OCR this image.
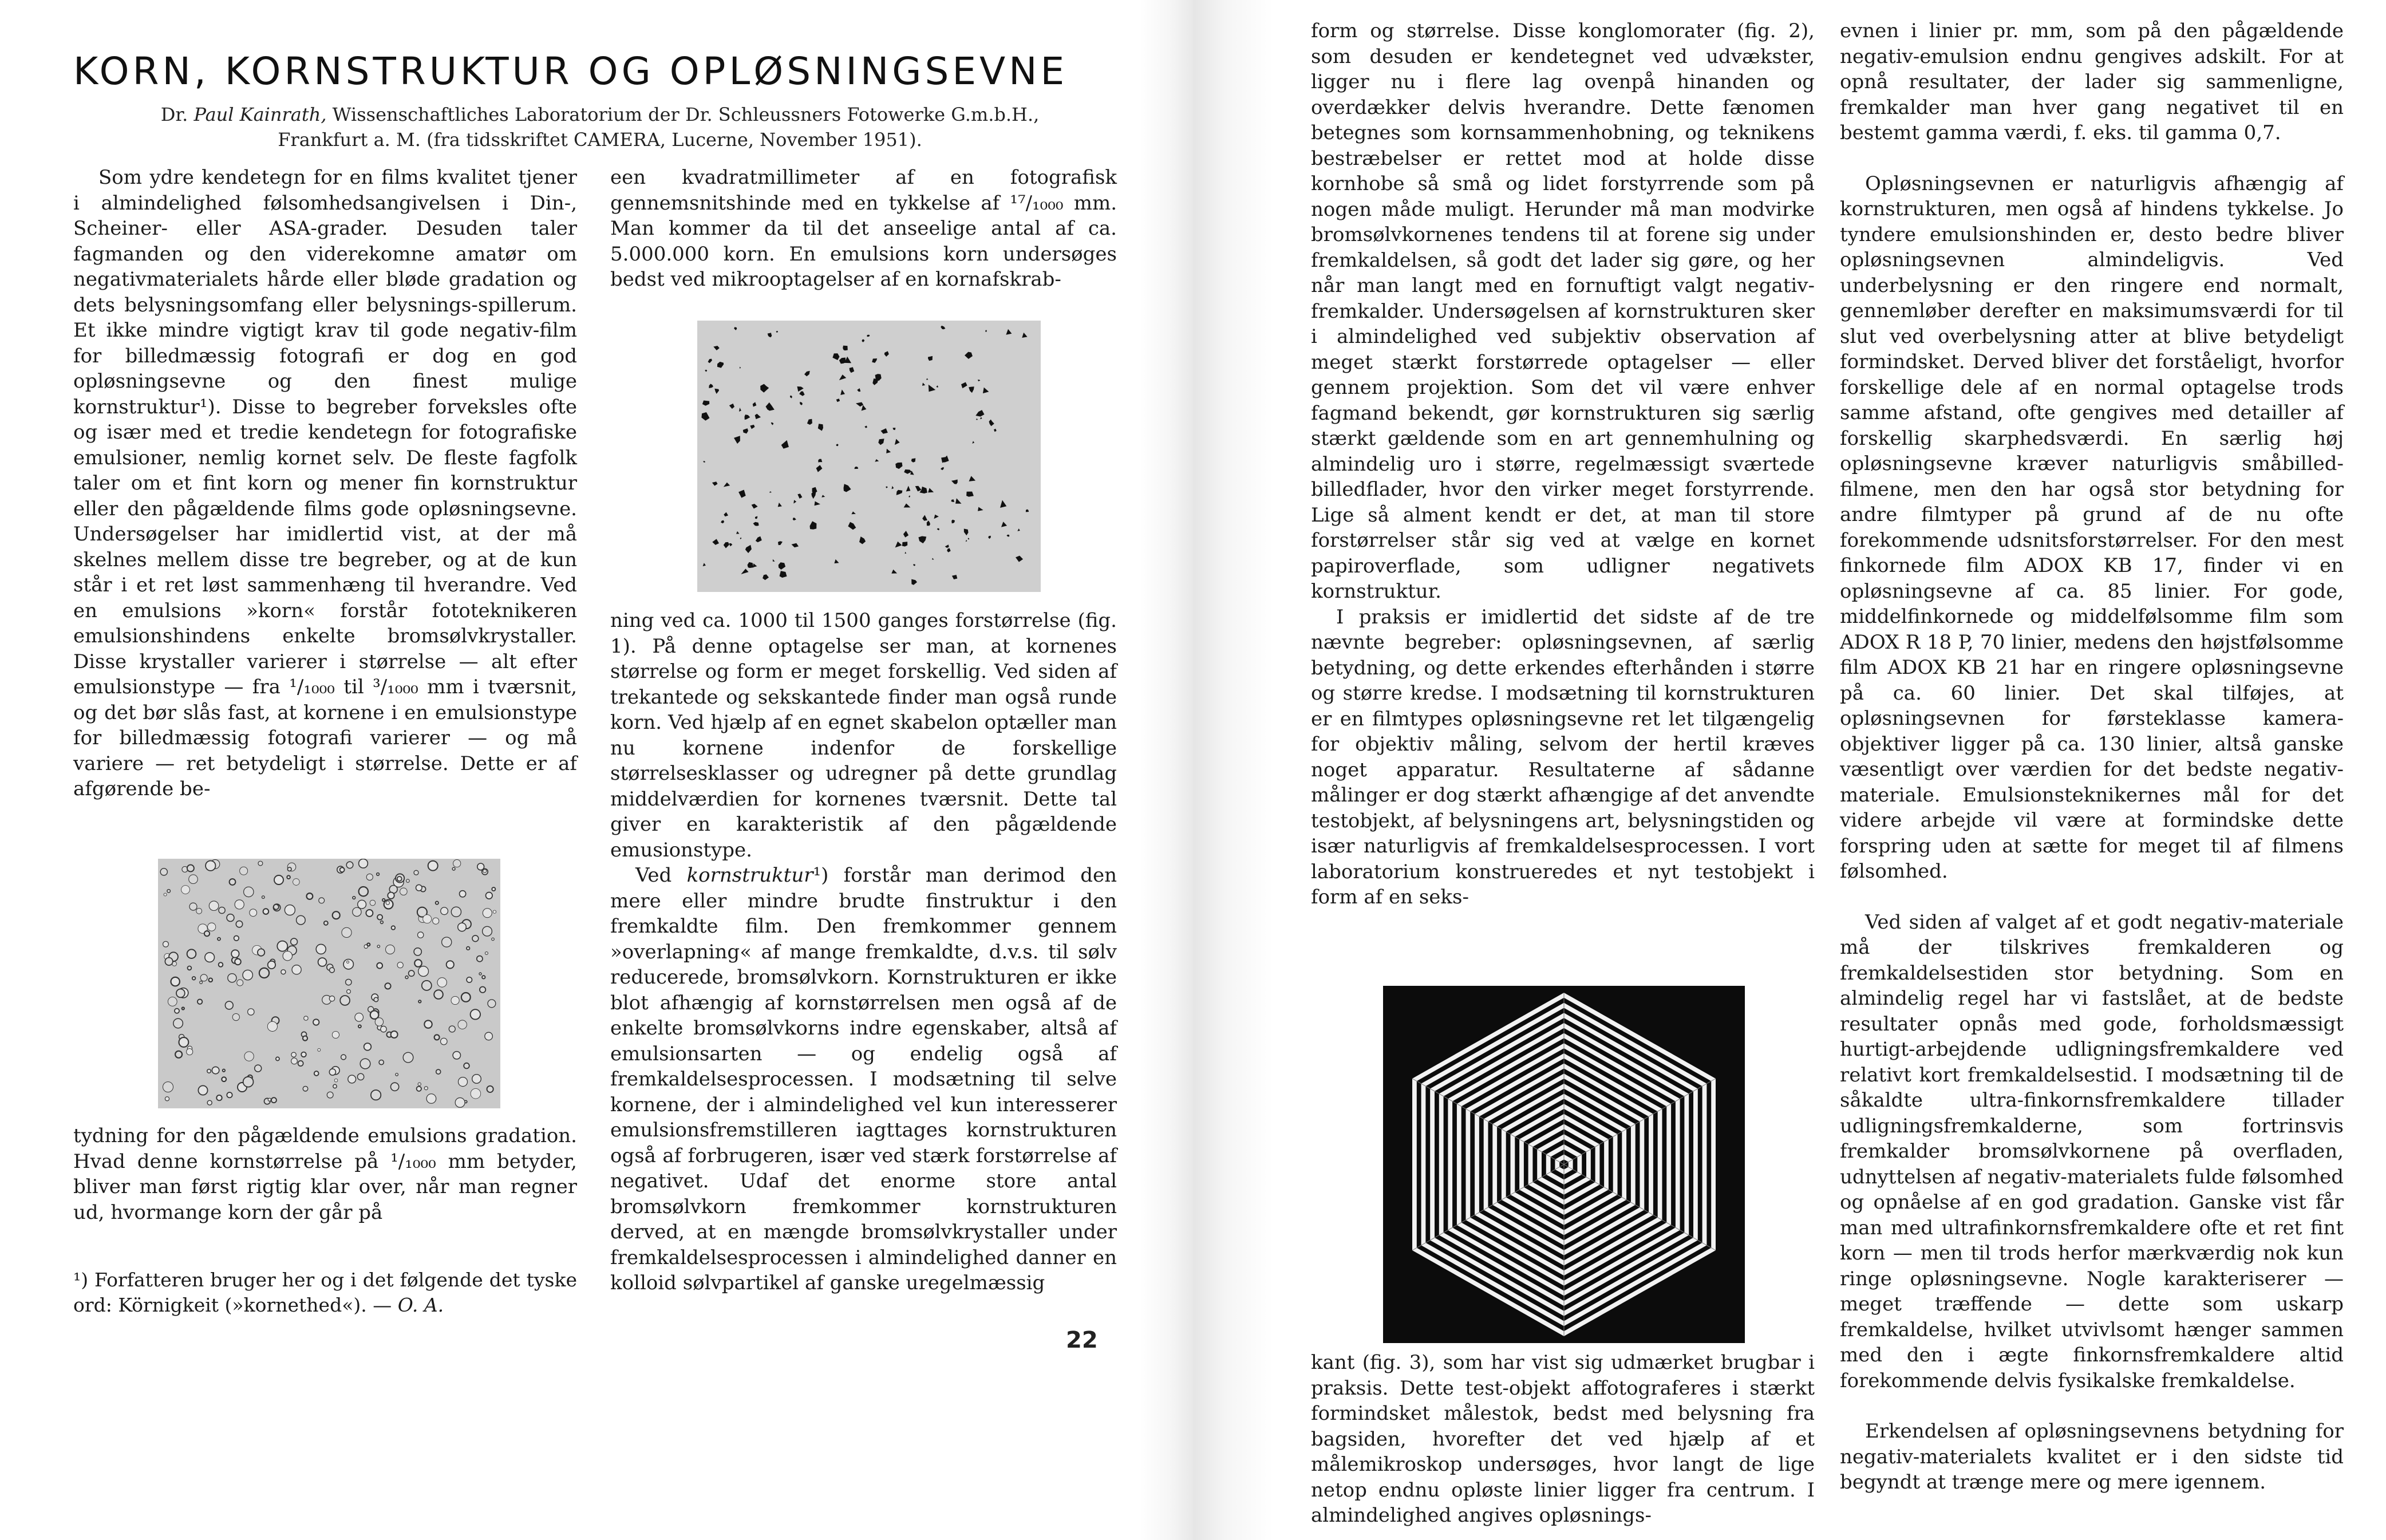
KORN, KORNSTRUKTUR OG OPLØSNINGSEVNE
Dr. Paul Kainrath, Wissenschaftliches Laboratorium der Dr. Schleussners Fotowerke G.m.b.H.,
Frankfurt a. M. (fra tidsskriftet CAMERA, Lucerne, November 1951).

Som ydre kendetegn for en films kvalitet tjener i almindelighed følsomhedsangivelsen i Din-, Scheiner- eller ASA-grader. Desuden taler fagmanden og den viderekomne amatør om negativmaterialets hårde eller bløde gradation og dets belysningsomfang eller belysnings-spillerum. Et ikke mindre vigtigt krav til gode negativ-film for billedmæssig fotografi er dog en god opløsningsevne og den finest mulige kornstruktur¹). Disse to begreber forveksles ofte og især med et tredie kendetegn for fotografiske emulsioner, nemlig kornet selv. De fleste fagfolk taler om et fint korn og mener fin kornstruktur eller den pågældende films gode opløsningsevne. Undersøgelser har imidlertid vist, at der må skelnes mellem disse tre begreber, og at de kun står i et ret løst sammenhæng til hverandre. Ved en emulsions »korn« forstår fototeknikeren emulsionshindens enkelte bromsølvkrystaller. Disse krystaller varierer i størrelse — alt efter emulsionstype — fra ¹/₁₀₀₀ til ³/₁₀₀₀ mm i tværsnit, og det bør slås fast, at kornene i en emulsionstype for billedmæssig fotografi varierer — og må variere — ret betydeligt i størrelse. Dette er af afgørende be-

tydning for den pågældende emulsions gradation. Hvad denne kornstørrelse på ¹/₁₀₀₀ mm betyder, bliver man først rigtig klar over, når man regner ud, hvormange korn der går på

¹) Forfatteren bruger her og i det følgende det tyske ord: Körnigkeit (»kornethed«). — O. A.

een kvadratmillimeter af en fotografisk gennemsnitshinde med en tykkelse af ¹⁷/₁₀₀₀ mm. Man kommer da til det anseelige antal af ca. 5.000.000 korn. En emulsions korn undersøges bedst ved mikrooptagelser af en kornafskrab-

ning ved ca. 1000 til 1500 ganges forstørrelse (fig. 1). På denne optagelse ser man, at kornenes størrelse og form er meget forskellig. Ved siden af trekantede og sekskantede finder man også runde korn. Ved hjælp af en egnet skabelon optæller man nu kornene indenfor de forskellige størrelsesklasser og udregner på dette grundlag middelværdien for kornenes tværsnit. Dette tal giver en karakteristik af den pågældende emusionstype.

Ved kornstruktur¹) forstår man derimod den mere eller mindre brudte finstruktur i den fremkaldte film. Den fremkommer gennem »overlapning« af mange fremkaldte, d.v.s. til sølv reducerede, bromsølvkorn. Kornstrukturen er ikke blot afhængig af kornstørrelsen men også af de enkelte bromsølvkorns indre egenskaber, altså af emulsionsarten — og endelig også af fremkaldelsesprocessen. I modsætning til selve kornene, der i almindelighed vel kun interesserer emulsionsfremstilleren iagttages kornstrukturen også af forbrugeren, især ved stærk forstørrelse af negativet. Udaf det enorme store antal bromsølvkorn fremkommer kornstrukturen derved, at en mængde bromsølvkrystaller under fremkaldelsesprocessen i almindelighed danner en kolloid sølvpartikel af ganske uregelmæssig

22

form og størrelse. Disse konglomorater (fig. 2), som desuden er kendetegnet ved udvækster, ligger nu i flere lag ovenpå hinanden og overdækker delvis hverandre. Dette fænomen betegnes som kornsammenhobning, og teknikens bestræbelser er rettet mod at holde disse kornhobe så små og lidet forstyrrende som på nogen måde muligt. Herunder må man modvirke bromsølvkornenes tendens til at forene sig under fremkaldelsen, så godt det lader sig gøre, og her når man langt med en fornuftigt valgt negativ-fremkalder. Undersøgelsen af kornstrukturen sker i almindelighed ved subjektiv observation af meget stærkt forstørrede optagelser — eller gennem projektion. Som det vil være enhver fagmand bekendt, gør kornstrukturen sig særlig stærkt gældende som en art gennemhulning og almindelig uro i større, regelmæssigt sværtede billedflader, hvor den virker meget forstyrrende. Lige så alment kendt er det, at man til store forstørrelser står sig ved at vælge en kornet papiroverflade, som udligner negativets kornstruktur.

I praksis er imidlertid det sidste af de tre nævnte begreber: opløsningsevnen, af særlig betydning, og dette erkendes efterhånden i større og større kredse. I modsætning til kornstrukturen er en filmtypes opløsningsevne ret let tilgængelig for objektiv måling, selvom der hertil kræves noget apparatur. Resultaterne af sådanne målinger er dog stærkt afhængige af det anvendte testobjekt, af belysningens art, belysningstiden og især naturligvis af fremkaldelsesprocessen. I vort laboratorium konstrueredes et nyt testobjekt i form af en seks-

kant (fig. 3), som har vist sig udmærket brugbar i praksis. Dette test-objekt affotograferes i stærkt formindsket målestok, bedst med belysning fra bagsiden, hvorefter det ved hjælp af et målemikroskop undersøges, hvor langt de lige netop endnu opløste linier ligger fra centrum. I almindelighed angives opløsnings-

evnen i linier pr. mm, som på den pågældende negativ-emulsion endnu gengives adskilt. For at opnå resultater, der lader sig sammenligne, fremkalder man hver gang negativet til en bestemt gamma værdi, f. eks. til gamma 0,7.

Opløsningsevnen er naturligvis afhængig af kornstrukturen, men også af hindens tykkelse. Jo tyndere emulsionshinden er, desto bedre bliver opløsningsevnen almindeligvis. Ved underbelysning er den ringere end normalt, gennemløber derefter en maksimumsværdi for til slut ved overbelysning atter at blive betydeligt formindsket. Derved bliver det forståeligt, hvorfor forskellige dele af en normal optagelse trods samme afstand, ofte gengives med detailler af forskellig skarphedsværdi. En særlig høj opløsningsevne kræver naturligvis småbilled-filmene, men den har også stor betydning for andre filmtyper på grund af de nu ofte forekommende udsnitsforstørrelser. For den mest finkornede film ADOX KB 17, finder vi en opløsningsevne af ca. 85 linier. For gode, middelfinkornede og middelfølsomme film som ADOX R 18 P, 70 linier, medens den højstfølsomme film ADOX KB 21 har en ringere opløsningsevne på ca. 60 linier. Det skal tilføjes, at opløsningsevnen for førsteklasse kamera-objektiver ligger på ca. 130 linier, altså ganske væsentligt over værdien for det bedste negativ-materiale. Emulsionsteknikernes mål for det videre arbejde vil være at formindske dette forspring uden at sætte for meget til af filmens følsomhed.

Ved siden af valget af et godt negativ-materiale må der tilskrives fremkalderen og fremkaldelsestiden stor betydning. Som en almindelig regel har vi fastslået, at de bedste resultater opnås med gode, forholdsmæssigt hurtigt-arbejdende udligningsfremkaldere ved relativt kort fremkaldelsestid. I modsætning til de såkaldte ultra-finkornsfremkaldere tillader udligningsfremkalderne, som fortrinsvis fremkalder bromsølvkornene på overfladen, udnyttelsen af negativ-materialets fulde følsomhed og opnåelse af en god gradation. Ganske vist får man med ultrafinkornsfremkaldere ofte et ret fint korn — men til trods herfor mærkværdig nok kun ringe opløsningsevne. Nogle karakteriserer — meget træffende — dette som uskarp fremkaldelse, hvilket utvivlsomt hænger sammen med den i ægte finkornsfremkaldere altid forekommende delvis fysikalske fremkaldelse.

Erkendelsen af opløsningsevnens betydning for negativ-materialets kvalitet er i den sidste tid begyndt at trænge mere og mere igennem.
